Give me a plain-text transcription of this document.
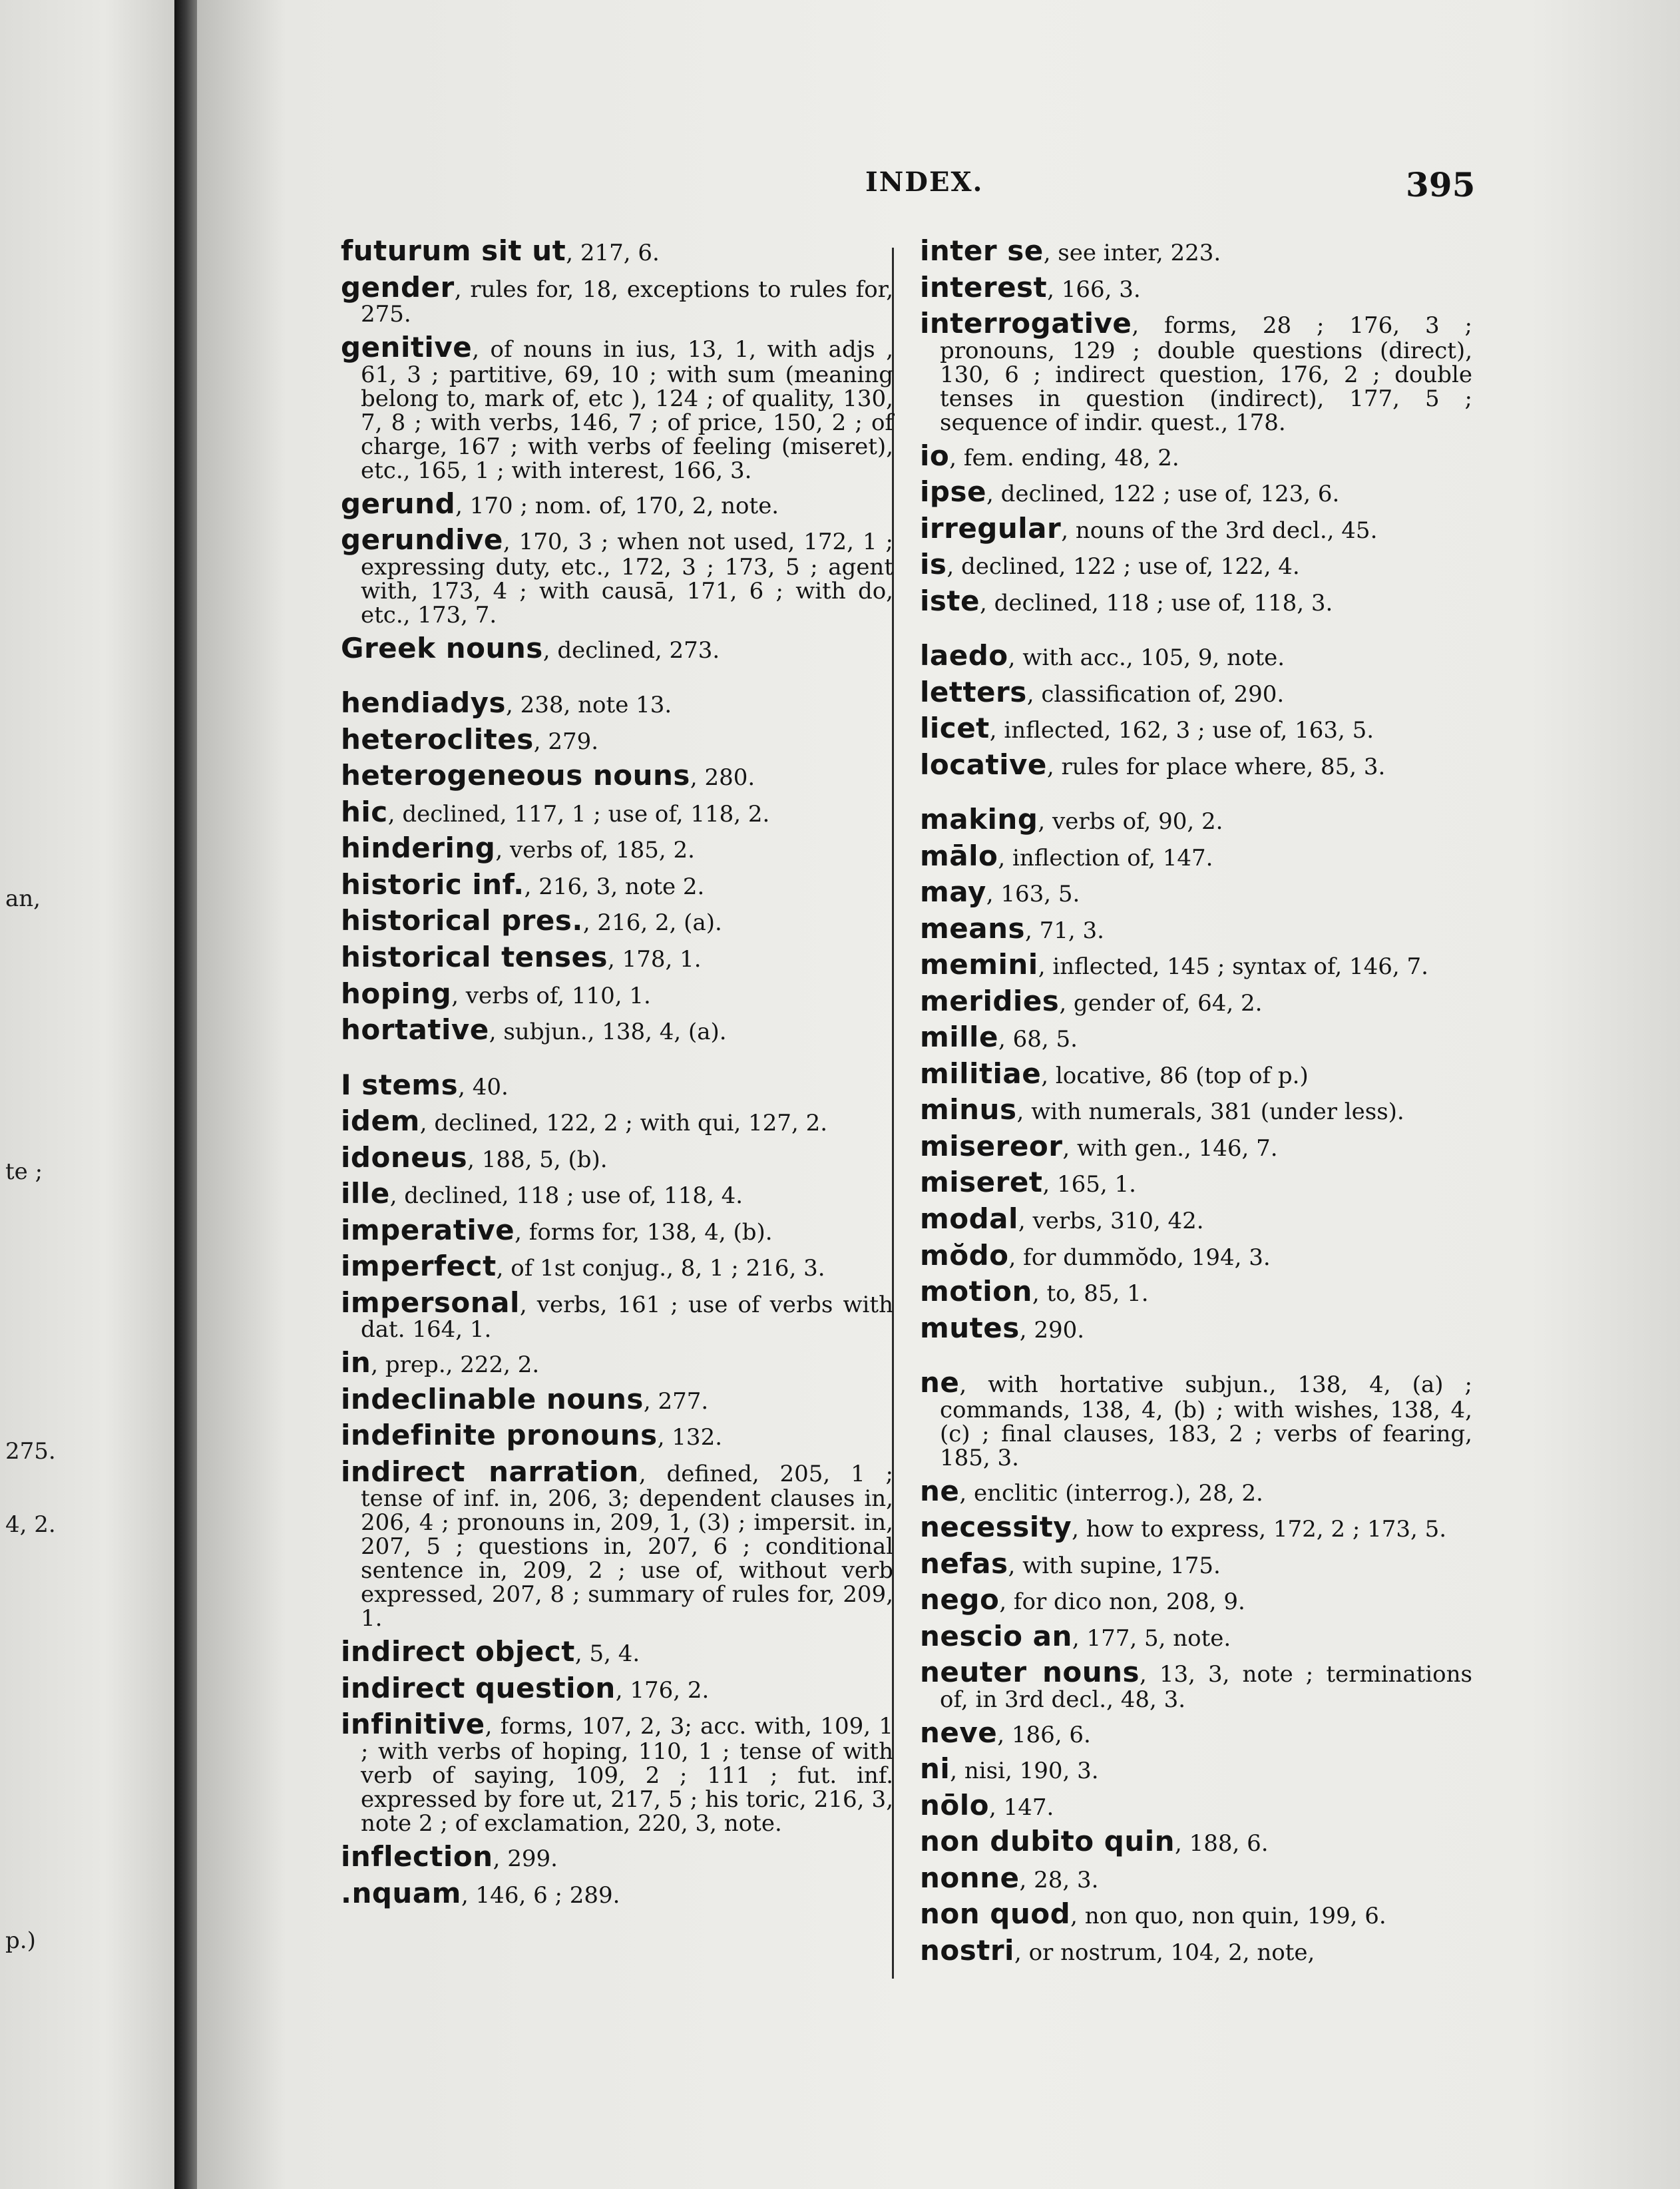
an,
te ;
275.
4, 2.
p.)
INDEX.	395
futurum sit ut, 217, 6.
gender, rules for, 18, exceptions to rules for, 275.
genitive, of nouns in ius, 13, 1, with adjs , 61, 3 ; partitive, 69, 10 ; with sum (meaning belong to, mark of, etc ), 124 ; of quality, 130, 7, 8 ; with verbs, 146, 7 ; of price, 150, 2 ; of charge, 167 ; with verbs of feeling (miseret), etc., 165, 1 ; with interest, 166, 3.
gerund, 170 ; nom. of, 170, 2, note.
gerundive, 170, 3 ; when not used, 172, 1 ; expressing duty, etc., 172, 3 ; 173, 5 ; agent with, 173, 4 ; with causā, 171, 6 ; with do, etc., 173, 7.
Greek nouns, declined, 273.
hendiadys, 238, note 13.
heteroclites, 279.
heterogeneous nouns, 280.
hic, declined, 117, 1 ; use of, 118, 2.
hindering, verbs of, 185, 2.
historic inf., 216, 3, note 2.
historical pres., 216, 2, (a).
historical tenses, 178, 1.
hoping, verbs of, 110, 1.
hortative, subjun., 138, 4, (a).
I stems, 40.
idem, declined, 122, 2 ; with qui, 127, 2.
idoneus, 188, 5, (b).
ille, declined, 118 ; use of, 118, 4.
imperative, forms for, 138, 4, (b).
imperfect, of 1st conjug., 8, 1 ; 216, 3.
impersonal, verbs, 161 ; use of verbs with dat. 164, 1.
in, prep., 222, 2.
indeclinable nouns, 277.
indefinite pronouns, 132.
indirect narration, defined, 205, 1 ; tense of inf. in, 206, 3; dependent clauses in, 206, 4 ; pronouns in, 209, 1, (3) ; impersit. in, 207, 5 ; questions in, 207, 6 ; conditional sentence in, 209, 2 ; use of, without verb expressed, 207, 8 ; summary of rules for, 209, 1.
indirect object, 5, 4.
indirect question, 176, 2.
infinitive, forms, 107, 2, 3; acc. with, 109, 1 ; with verbs of hoping, 110, 1 ; tense of with verb of saying, 109, 2 ; 111 ; fut. inf. expressed by fore ut, 217, 5 ; his toric, 216, 3, note 2 ; of exclamation, 220, 3, note.
inflection, 299.
.nquam, 146, 6 ; 289.
inter se, see inter, 223.
interest, 166, 3.
interrogative, forms, 28 ; 176, 3 ; pronouns, 129 ; double questions (direct), 130, 6 ; indirect question, 176, 2 ; double tenses in question (indirect), 177, 5 ; sequence of indir. quest., 178.
io, fem. ending, 48, 2.
ipse, declined, 122 ; use of, 123, 6.
irregular, nouns of the 3rd decl., 45.
is, declined, 122 ; use of, 122, 4.
iste, declined, 118 ; use of, 118, 3.
laedo, with acc., 105, 9, note.
letters, classification of, 290.
licet, inflected, 162, 3 ; use of, 163, 5.
locative, rules for place where, 85, 3.
making, verbs of, 90, 2.
mālo, inflection of, 147.
may, 163, 5.
means, 71, 3.
memini, inflected, 145 ; syntax of, 146, 7.
meridies, gender of, 64, 2.
mille, 68, 5.
militiae, locative, 86 (top of p.)
minus, with numerals, 381 (under less).
misereor, with gen., 146, 7.
miseret, 165, 1.
modal, verbs, 310, 42.
mŏdo, for dummŏdo, 194, 3.
motion, to, 85, 1.
mutes, 290.
ne, with hortative subjun., 138, 4, (a) ; commands, 138, 4, (b) ; with wishes, 138, 4, (c) ; final clauses, 183, 2 ; verbs of fearing, 185, 3.
ne, enclitic (interrog.), 28, 2.
necessity, how to express, 172, 2 ; 173, 5.
nefas, with supine, 175.
nego, for dico non, 208, 9.
nescio an, 177, 5, note.
neuter nouns, 13, 3, note ; terminations of, in 3rd decl., 48, 3.
neve, 186, 6.
ni, nisi, 190, 3.
nōlo, 147.
non dubito quin, 188, 6.
nonne, 28, 3.
non quod, non quo, non quin, 199, 6.
nostri, or nostrum, 104, 2, note,
